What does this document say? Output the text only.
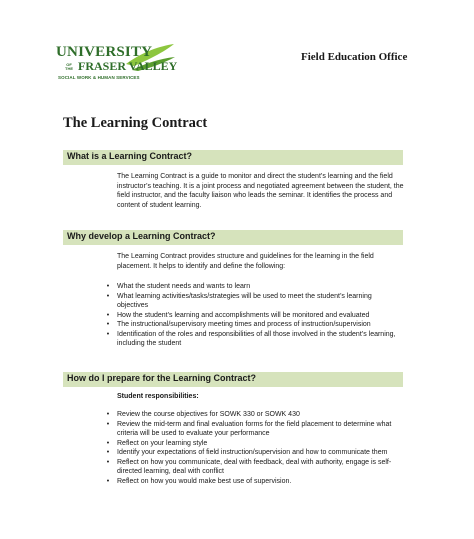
UNIVERSITY
OF THE FRASER VALLEY
SOCIAL WORK & HUMAN SERVICES
Field Education Office
The Learning Contract
What is a Learning Contract?

The Learning Contract is a guide to monitor and direct the student’s learning and the field instructor’s teaching. It is a joint process and negotiated agreement between the student, the field instructor, and the faculty liaison who leads the seminar. It identifies the process and content of student learning.

Why develop a Learning Contract?

The Learning Contract provides structure and guidelines for the learning in the field placement. It helps to identify and define the following:

•	What the student needs and wants to learn
•	What learning activities/tasks/strategies will be used to meet the student’s learning objectives
•	How the student’s learning and accomplishments will be monitored and evaluated
•	The instructional/supervisory meeting times and process of instruction/supervision
•	Identification of the roles and responsibilities of all those involved in the student’s learning, including the student
How do I prepare for the Learning Contract?
Student responsibilities:
•	Review the course objectives for SOWK 330 or SOWK 430
•	Review the mid-term and final evaluation forms for the field placement to determine what criteria will be used to evaluate your performance
•	Reflect on your learning style
•	Identify your expectations of field instruction/supervision and how to communicate them
•	Reflect on how you communicate, deal with feedback, deal with authority, engage is self-directed learning, deal with conflict
•	Reflect on how you would make best use of supervision.
